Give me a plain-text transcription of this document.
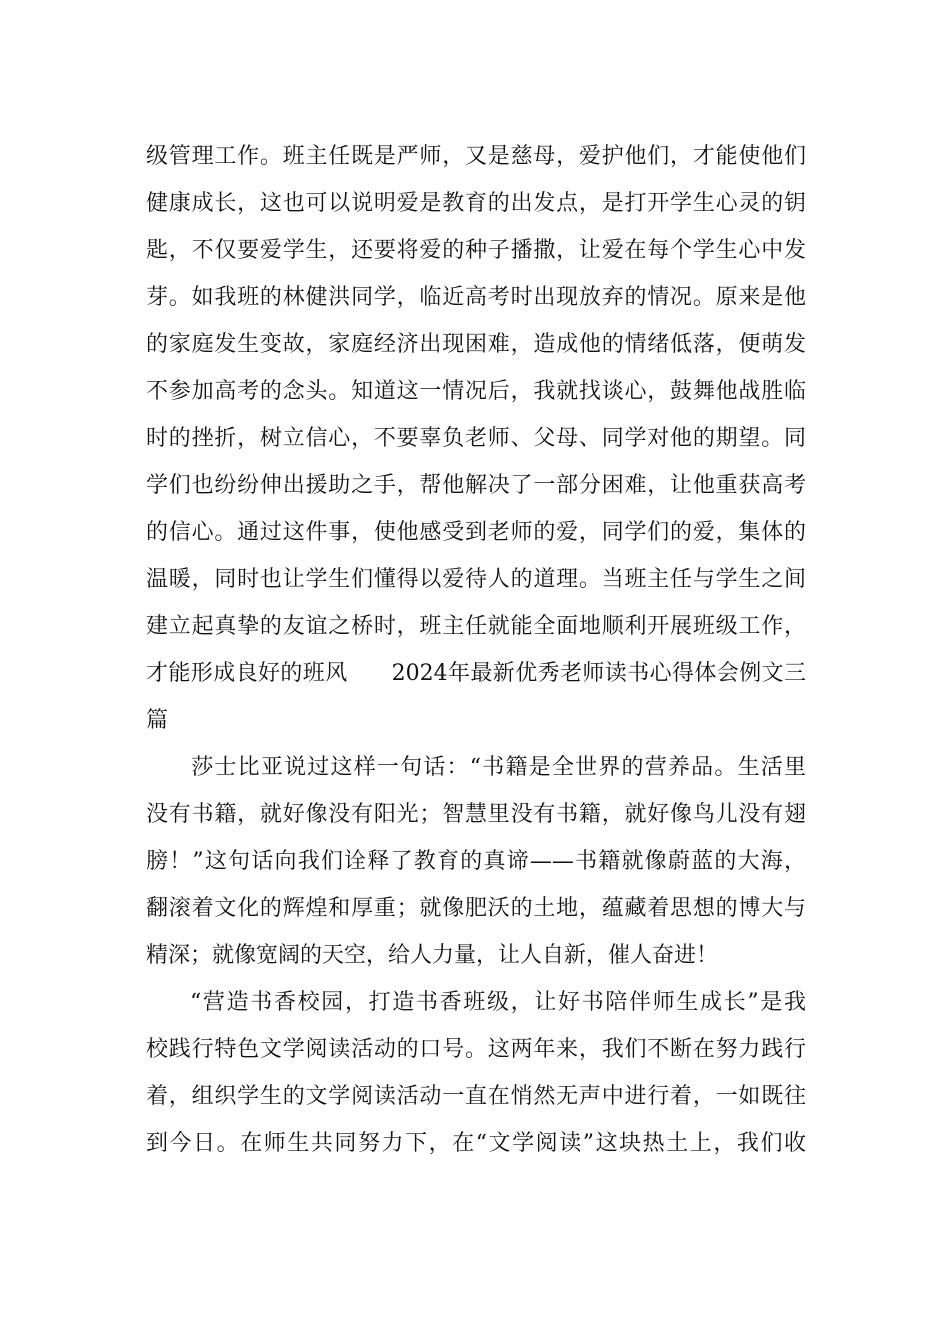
级管理工作。班主任既是严师，又是慈母，爱护他们，才能使他们
健康成长，这也可以说明爱是教育的出发点，是打开学生心灵的钥
匙，不仅要爱学生，还要将爱的种子播撒，让爱在每个学生心中发
芽。如我班的林健洪同学，临近高考时出现放弃的情况。原来是他
的家庭发生变故，家庭经济出现困难，造成他的情绪低落，便萌发
不参加高考的念头。知道这一情况后，我就找谈心，鼓舞他战胜临
时的挫折，树立信心，不要辜负老师、父母、同学对他的期望。同
学们也纷纷伸出援助之手，帮他解决了一部分困难，让他重获高考
的信心。通过这件事，使他感受到老师的爱，同学们的爱，集体的
温暖，同时也让学生们懂得以爱待人的道理。当班主任与学生之间
建立起真挚的友谊之桥时，班主任就能全面地顺利开展班级工作，
才能形成良好的班风 2024年最新优秀老师读书心得体会例文三
篇
莎士比亚说过这样一句话：“书籍是全世界的营养品。生活里
没有书籍，就好像没有阳光；智慧里没有书籍，就好像鸟儿没有翅
膀！”这句话向我们诠释了教育的真谛——书籍就像蔚蓝的大海，
翻滚着文化的辉煌和厚重；就像肥沃的土地，蕴藏着思想的博大与
精深；就像宽阔的天空，给人力量，让人自新，催人奋进！
“营造书香校园，打造书香班级，让好书陪伴师生成长”是我
校践行特色文学阅读活动的口号。这两年来，我们不断在努力践行
着，组织学生的文学阅读活动一直在悄然无声中进行着，一如既往
到今日。在师生共同努力下，在“文学阅读”这块热土上，我们收
